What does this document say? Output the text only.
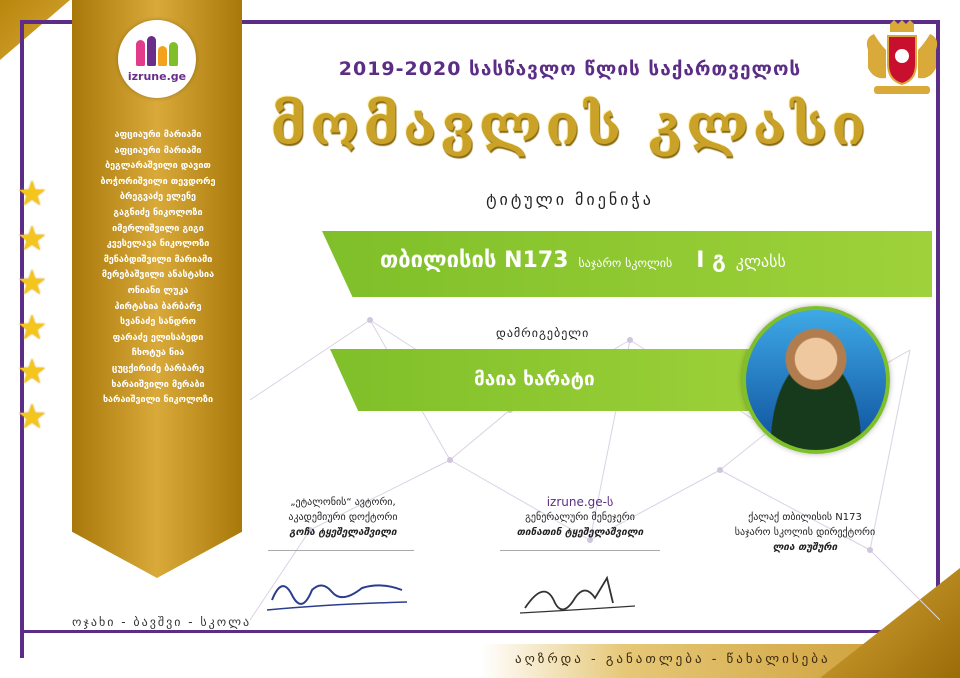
izrune.ge
აფციაური მარიამი
აფციაური მარიამი
ბეგლარაშვილი დავით
ბოჭორიშვილი თევდორე
ბრეგვაძე ელენე
გაგნიძე ნიკოლოზი
იმერლიშვილი გიგი
კვესელავა ნიკოლოზი
მენაბდიშვილი მარიამი
მერებაშვილი ანასტასია
ონიანი ლუკა
პირტახია ბარბარე
სვანაძე სანდრო
ფარაძე ელისაბედი
ჩხოტუა ნია
ცუცქირიძე ბარბარე
ხარაიშვილი მერაბი
ხარაიშვილი ნიკოლოზი
★
★
★
★
★
★
2019-2020 სასწავლო წლის საქართველოს
მომავლის კლასი
ტიტული მიენიჭა
თბილისის N173 საჯარო სკოლის I გ კლასს
დამრიგებელი
მაია ხარატი
„ეტალონის“ ავტორი,
აკადემიური დოქტორი
გოჩა ტყეშელაშვილი
izrune.ge-ს
გენერალური მენეჯერი
თინათინ ტყეშელაშვილი
ქალაქ თბილისის N173
საჯარო სკოლის დირექტორი
ლია თუშური
ოჯახი - ბავშვი - სკოლა
აღზრდა - განათლება - წახალისება
